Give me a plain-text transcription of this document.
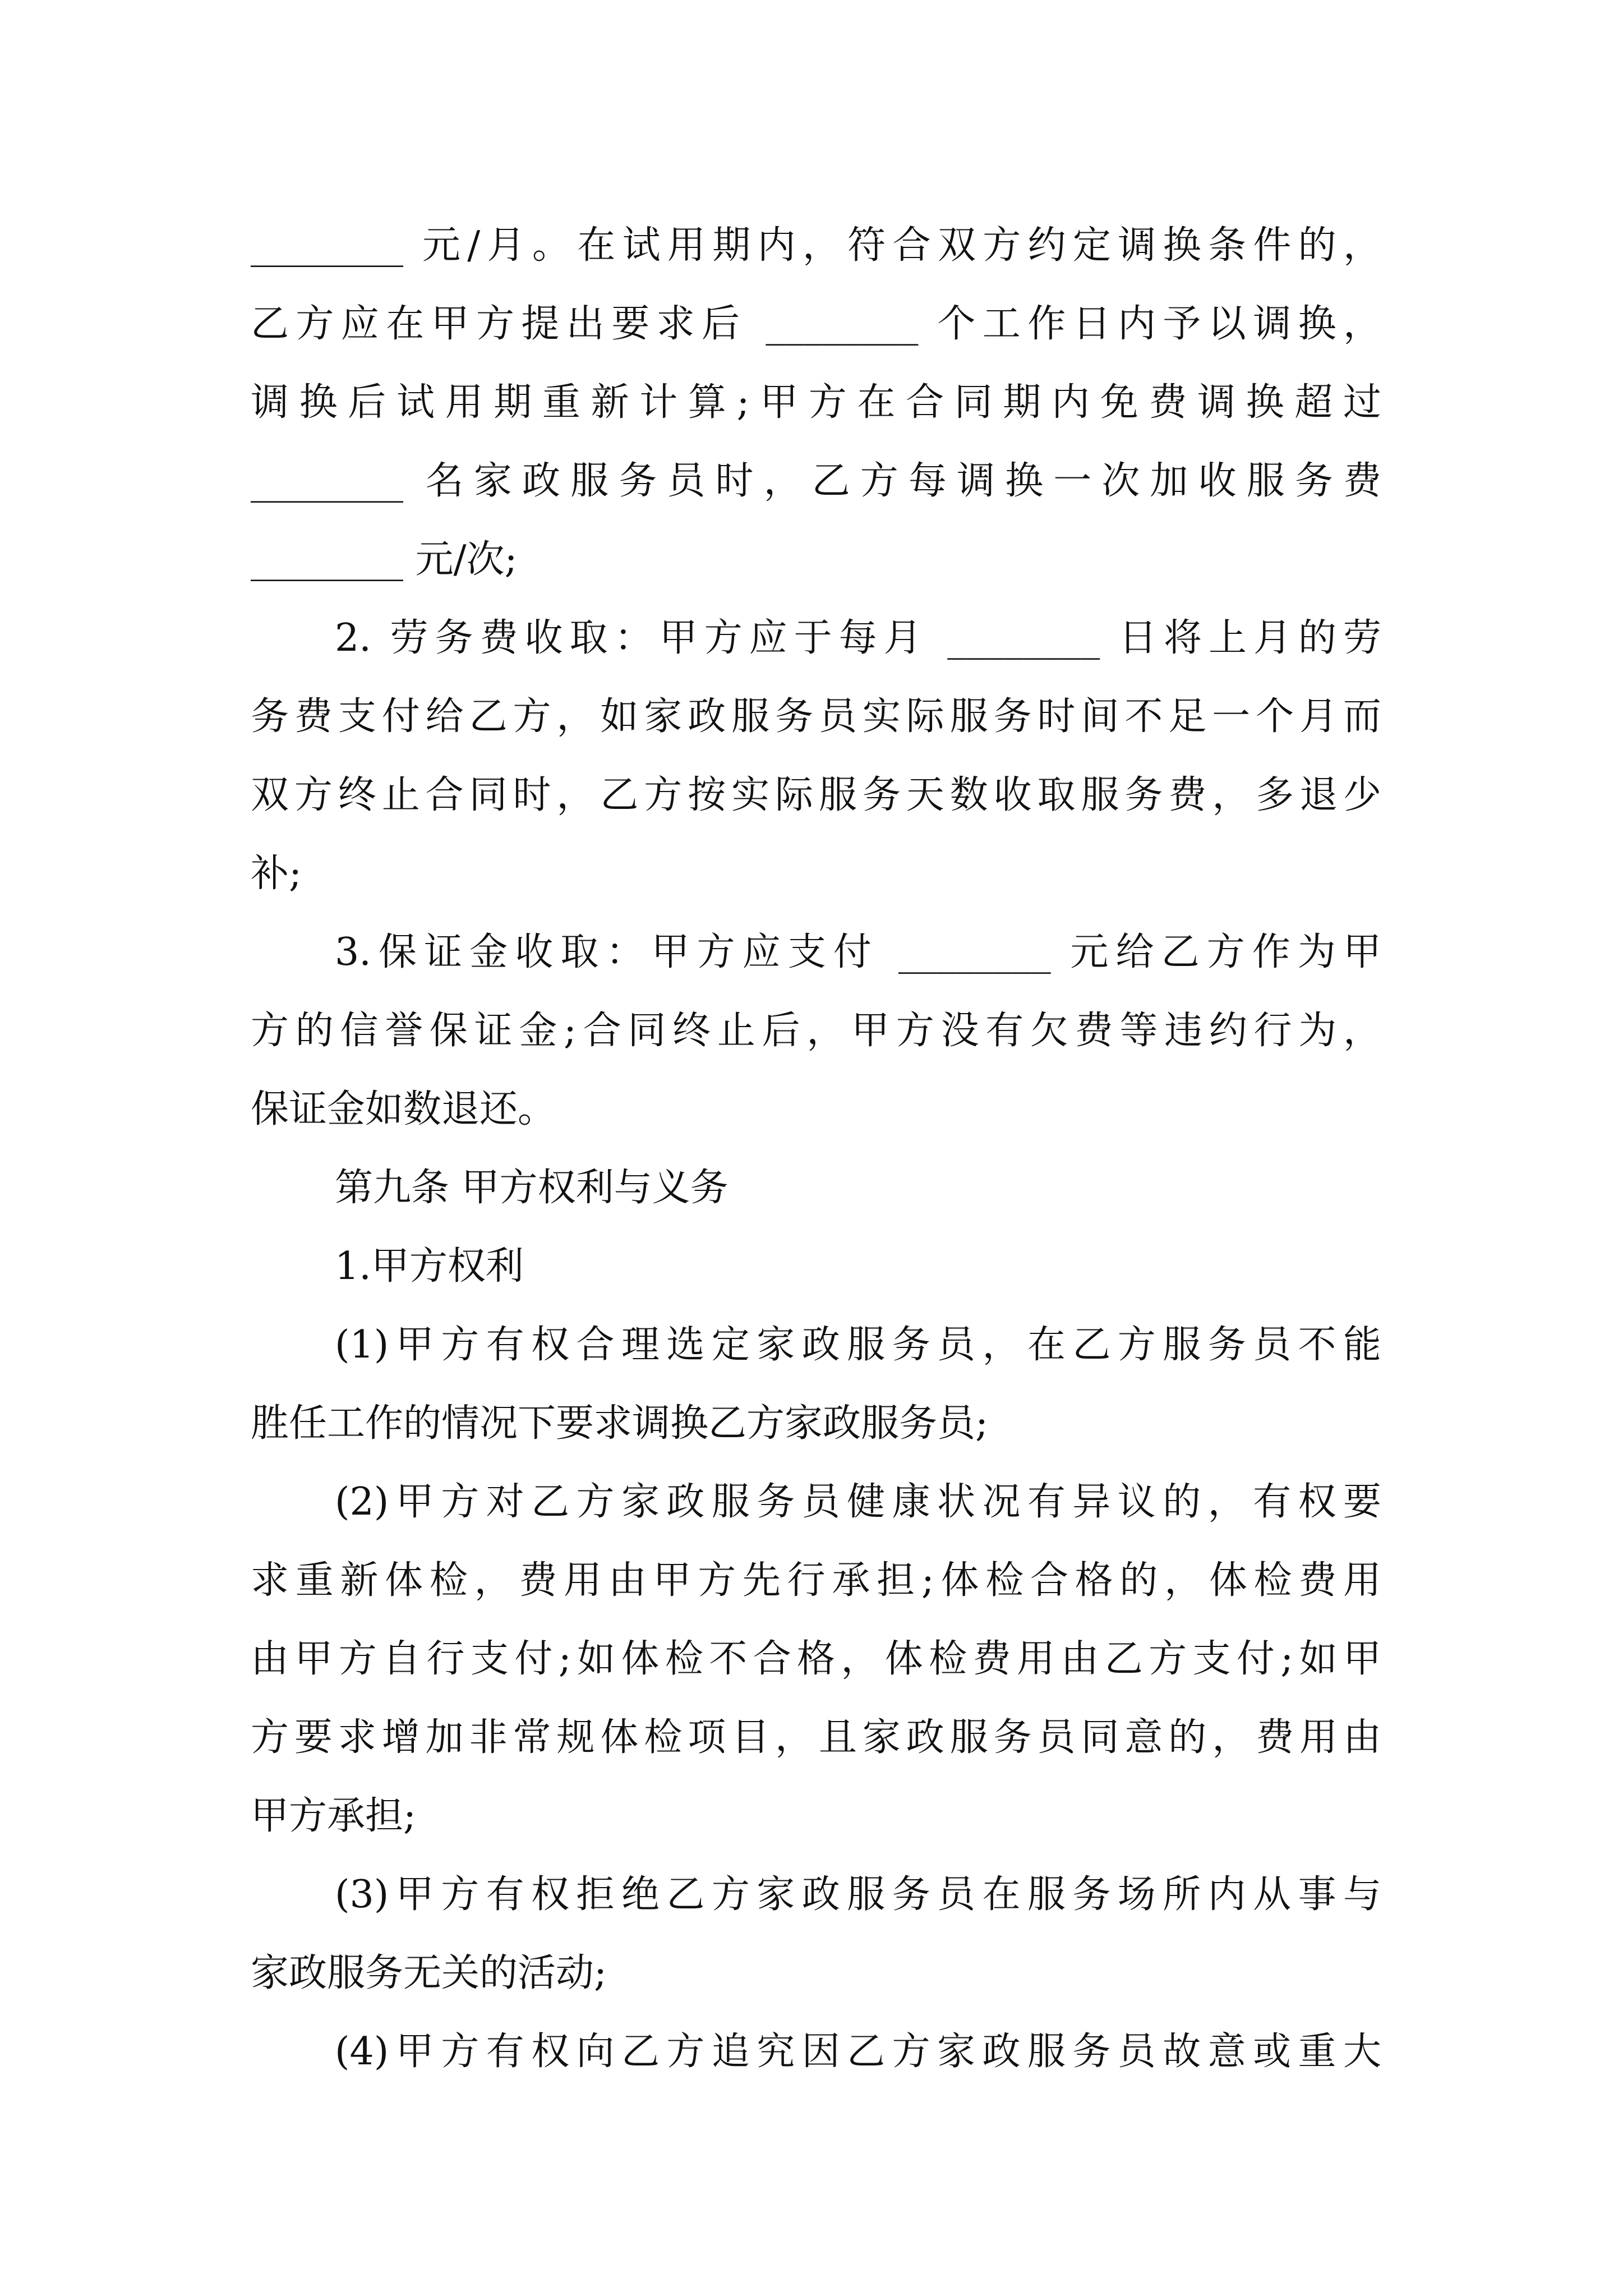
________ 元/月。在试用期内，符合双方约定调换条件的，
乙方应在甲方提出要求后 ________ 个工作日内予以调换，
调换后试用期重新计算;甲方在合同期内免费调换超过
________ 名家政服务员时，乙方每调换一次加收服务费
________ 元/次;
2. 劳务费收取：甲方应于每月 ________ 日将上月的劳
务费支付给乙方，如家政服务员实际服务时间不足一个月而
双方终止合同时，乙方按实际服务天数收取服务费，多退少
补;
3.保证金收取：甲方应支付 ________ 元给乙方作为甲
方的信誉保证金;合同终止后，甲方没有欠费等违约行为，
保证金如数退还。
第九条 甲方权利与义务
1.甲方权利
(1)甲方有权合理选定家政服务员，在乙方服务员不能
胜任工作的情况下要求调换乙方家政服务员;
(2)甲方对乙方家政服务员健康状况有异议的，有权要
求重新体检，费用由甲方先行承担;体检合格的，体检费用
由甲方自行支付;如体检不合格，体检费用由乙方支付;如甲
方要求增加非常规体检项目，且家政服务员同意的，费用由
甲方承担;
(3)甲方有权拒绝乙方家政服务员在服务场所内从事与
家政服务无关的活动;
(4)甲方有权向乙方追究因乙方家政服务员故意或重大
